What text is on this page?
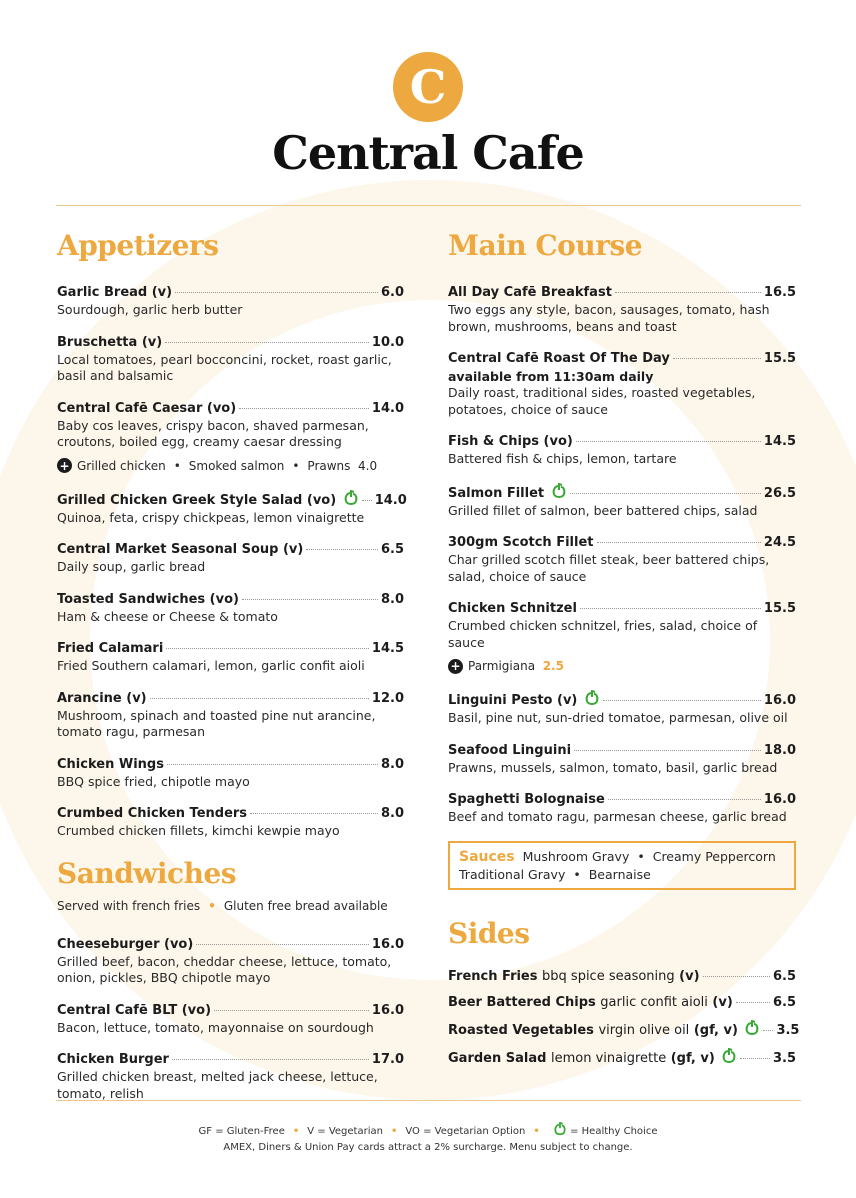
C
Central Cafe
Appetizers
Garlic Bread (v)	6.0
Sourdough, garlic herb butter
Bruschetta (v)	10.0
Local tomatoes, pearl bocconcini, rocket, roast garlic, basil and balsamic
Central Cafē Caesar (vo)	14.0
Baby cos leaves, crispy bacon, shaved parmesan, croutons, boiled egg, creamy caesar dressing
+ Grilled chicken • Smoked salmon • Prawns
4.0
Grilled Chicken Greek Style Salad (vo)	14.0
Quinoa, feta, crispy chickpeas, lemon vinaigrette
Central Market Seasonal Soup (v)	6.5
Daily soup, garlic bread
Toasted Sandwiches (vo)	8.0
Ham & cheese or Cheese & tomato
Fried Calamari	14.5
Fried Southern calamari, lemon, garlic confit aioli
Arancine (v)	12.0
Mushroom, spinach and toasted pine nut arancine, tomato ragu, parmesan
Chicken Wings	8.0
BBQ spice fried, chipotle mayo
Crumbed Chicken Tenders	8.0
Crumbed chicken fillets, kimchi kewpie mayo
Sandwiches
Served with french fries • Gluten free bread available
Cheeseburger (vo)	16.0
Grilled beef, bacon, cheddar cheese, lettuce, tomato, onion, pickles, BBQ chipotle mayo
Central Cafē BLT (vo)	16.0
Bacon, lettuce, tomato, mayonnaise on sourdough
Chicken Burger	17.0
Grilled chicken breast, melted jack cheese, lettuce, tomato, relish
Main Course
All Day Cafē Breakfast	16.5
Two eggs any style, bacon, sausages, tomato, hash brown, mushrooms, beans and toast
Central Cafē Roast Of The Day	15.5
available from 11:30am daily
Daily roast, traditional sides, roasted vegetables, potatoes, choice of sauce
Fish & Chips (vo)	14.5
Battered fish & chips, lemon, tartare
Salmon Fillet	26.5
Grilled fillet of salmon, beer battered chips, salad
300gm Scotch Fillet	24.5
Char grilled scotch fillet steak, beer battered chips, salad, choice of sauce
Chicken Schnitzel	15.5
Crumbed chicken schnitzel, fries, salad, choice of sauce
+ Parmigiana
2.5
Linguini Pesto (v)	16.0
Basil, pine nut, sun-dried tomatoe, parmesan, olive oil
Seafood Linguini	18.0
Prawns, mussels, salmon, tomato, basil, garlic bread
Spaghetti Bolognaise	16.0
Beef and tomato ragu, parmesan cheese, garlic bread
Sauces Mushroom Gravy • Creamy Peppercorn
Traditional Gravy • Bearnaise
Sides
French Fries bbq spice seasoning (v)	6.5
Beer Battered Chips garlic confit aioli (v)	6.5
Roasted Vegetables virgin olive oil (gf, v)	3.5
Garden Salad lemon vinaigrette (gf, v)	3.5
GF = Gluten-Free • V = Vegetarian • VO = Vegetarian Option •	= Healthy Choice
AMEX, Diners & Union Pay cards attract a 2% surcharge. Menu subject to change.
